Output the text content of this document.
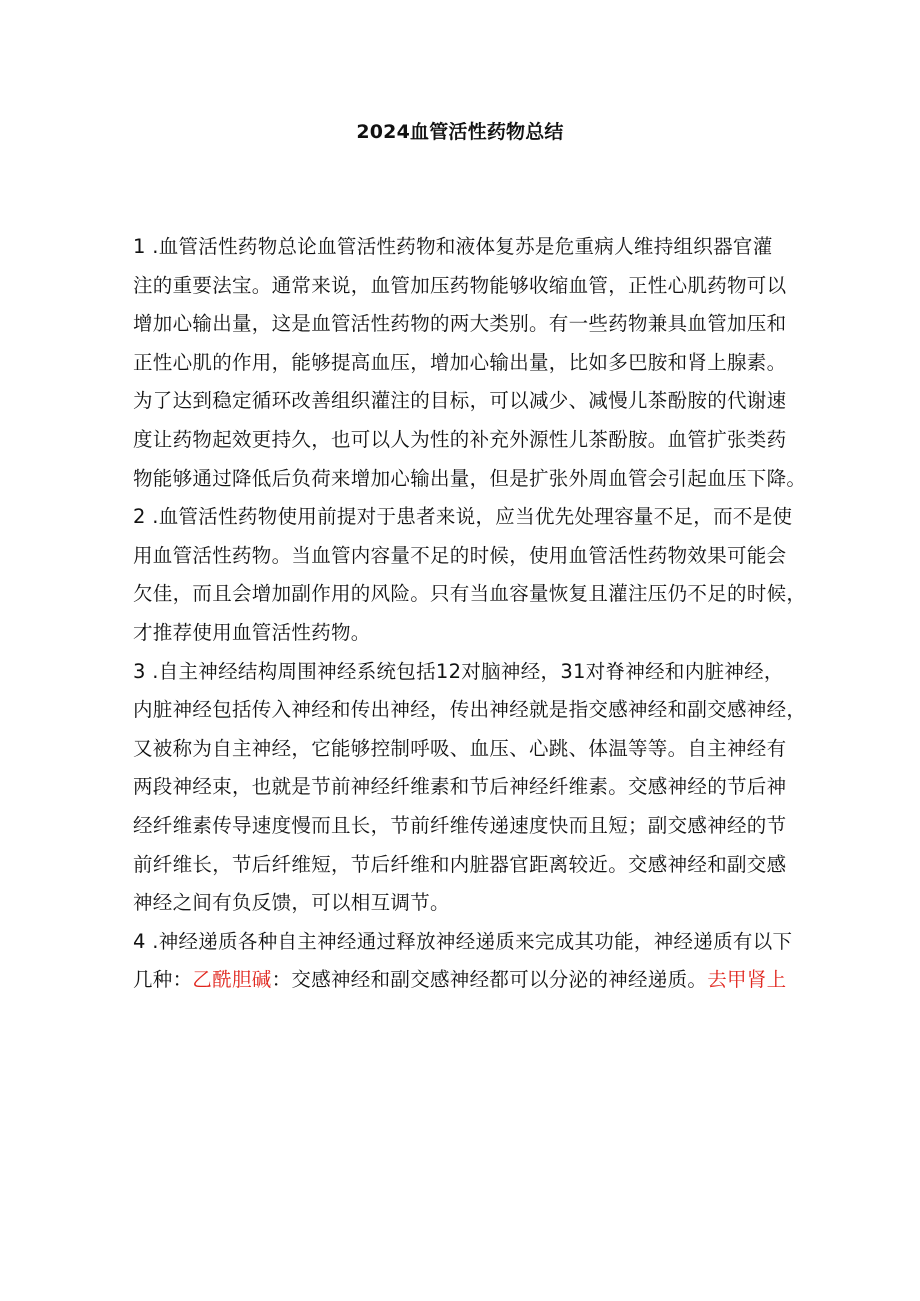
2024血管活性药物总结
1 .血管活性药物总论血管活性药物和液体复苏是危重病人维持组织器官灌
注的重要法宝。通常来说，血管加压药物能够收缩血管，正性心肌药物可以
增加心输出量，这是血管活性药物的两大类别。有一些药物兼具血管加压和
正性心肌的作用，能够提高血压，增加心输出量，比如多巴胺和肾上腺素。
为了达到稳定循环改善组织灌注的目标，可以减少、减慢儿茶酚胺的代谢速
度让药物起效更持久，也可以人为性的补充外源性儿茶酚胺。血管扩张类药
物能够通过降低后负荷来增加心输出量，但是扩张外周血管会引起血压下降。
2 .血管活性药物使用前提对于患者来说，应当优先处理容量不足，而不是使
用血管活性药物。当血管内容量不足的时候，使用血管活性药物效果可能会
欠佳，而且会增加副作用的风险。只有当血容量恢复且灌注压仍不足的时候，
才推荐使用血管活性药物。
3 .自主神经结构周围神经系统包括12对脑神经，31对脊神经和内脏神经，
内脏神经包括传入神经和传出神经，传出神经就是指交感神经和副交感神经，
又被称为自主神经，它能够控制呼吸、血压、心跳、体温等等。自主神经有
两段神经束，也就是节前神经纤维素和节后神经纤维素。交感神经的节后神
经纤维素传导速度慢而且长，节前纤维传递速度快而且短；副交感神经的节
前纤维长，节后纤维短，节后纤维和内脏器官距离较近。交感神经和副交感
神经之间有负反馈，可以相互调节。
4 .神经递质各种自主神经通过释放神经递质来完成其功能，神经递质有以下
几种：乙酰胆碱：交感神经和副交感神经都可以分泌的神经递质。去甲肾上
